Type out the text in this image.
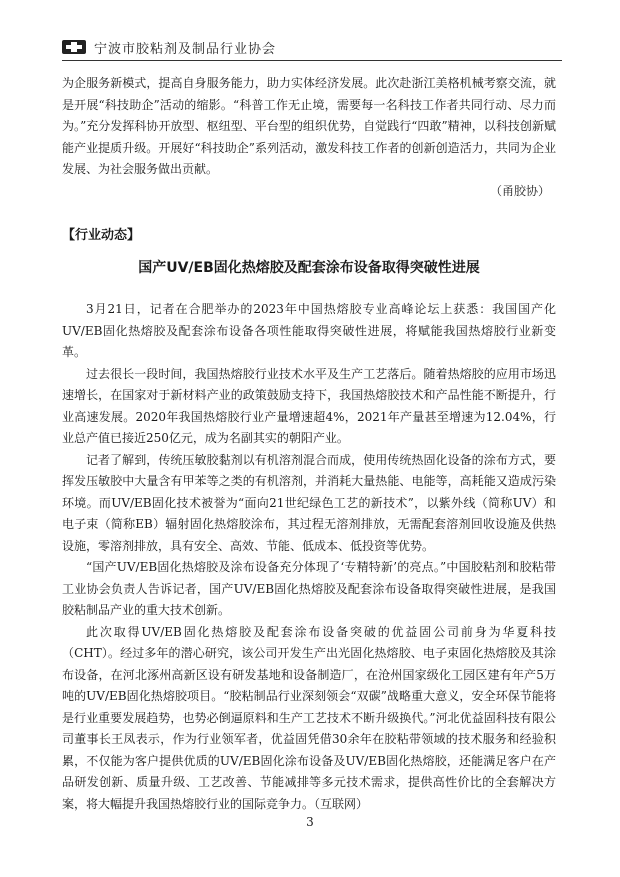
宁波市胶粘剂及制品行业协会

为企服务新模式，提高自身服务能力，助力实体经济发展。此次赴浙江美格机械考察交流，就是开展“科技助企”活动的缩影。“科普工作无止境，需要每一名科技工作者共同行动、尽力而为。”充分发挥科协开放型、枢纽型、平台型的组织优势，自觉践行“四敢”精神，以科技创新赋能产业提质升级。开展好“科技助企”系列活动，激发科技工作者的创新创造活力，共同为企业发展、为社会服务做出贡献。

（甬胶协）

【行业动态】
国产UV/EB固化热熔胶及配套涂布设备取得突破性进展

3月21日，记者在合肥举办的2023年中国热熔胶专业高峰论坛上获悉：我国国产化UV/EB固化热熔胶及配套涂布设备各项性能取得突破性进展，将赋能我国热熔胶行业新变革。

过去很长一段时间，我国热熔胶行业技术水平及生产工艺落后。随着热熔胶的应用市场迅速增长，在国家对于新材料产业的政策鼓励支持下，我国热熔胶技术和产品性能不断提升，行业高速发展。2020年我国热熔胶行业产量增速超4%，2021年产量甚至增速为12.04%，行业总产值已接近250亿元，成为名副其实的朝阳产业。

记者了解到，传统压敏胶黏剂以有机溶剂混合而成，使用传统热固化设备的涂布方式，要挥发压敏胶中大量含有甲苯等之类的有机溶剂，并消耗大量热能、电能等，高耗能又造成污染环境。而UV/EB固化技术被誉为“面向21世纪绿色工艺的新技术”，以紫外线（简称UV）和电子束（简称EB）辐射固化热熔胶涂布，其过程无溶剂排放，无需配套溶剂回收设施及供热设施，零溶剂排放，具有安全、高效、节能、低成本、低投资等优势。

“国产UV/EB固化热熔胶及涂布设备充分体现了‘专精特新’的亮点。”中国胶粘剂和胶粘带工业协会负责人告诉记者，国产UV/EB固化热熔胶及配套涂布设备取得突破性进展，是我国胶粘制品产业的重大技术创新。

此次取得UV/EB固化热熔胶及配套涂布设备突破的优益固公司前身为华夏科技（CHT）。经过多年的潜心研究，该公司开发生产出光固化热熔胶、电子束固化热熔胶及其涂布设备，在河北涿州高新区设有研发基地和设备制造厂，在沧州国家级化工园区建有年产5万吨的UV/EB固化热熔胶项目。“胶粘制品行业深刻领会“双碳”战略重大意义，安全环保节能将是行业重要发展趋势，也势必倒逼原料和生产工艺技术不断升级换代。”河北优益固科技有限公司董事长王凤表示，作为行业领军者，优益固凭借30余年在胶粘带领域的技术服务和经验积累，不仅能为客户提供优质的UV/EB固化涂布设备及UV/EB固化热熔胶，还能满足客户在产品研发创新、质量升级、工艺改善、节能减排等多元技术需求，提供高性价比的全套解决方案，将大幅提升我国热熔胶行业的国际竞争力。（互联网）

3
